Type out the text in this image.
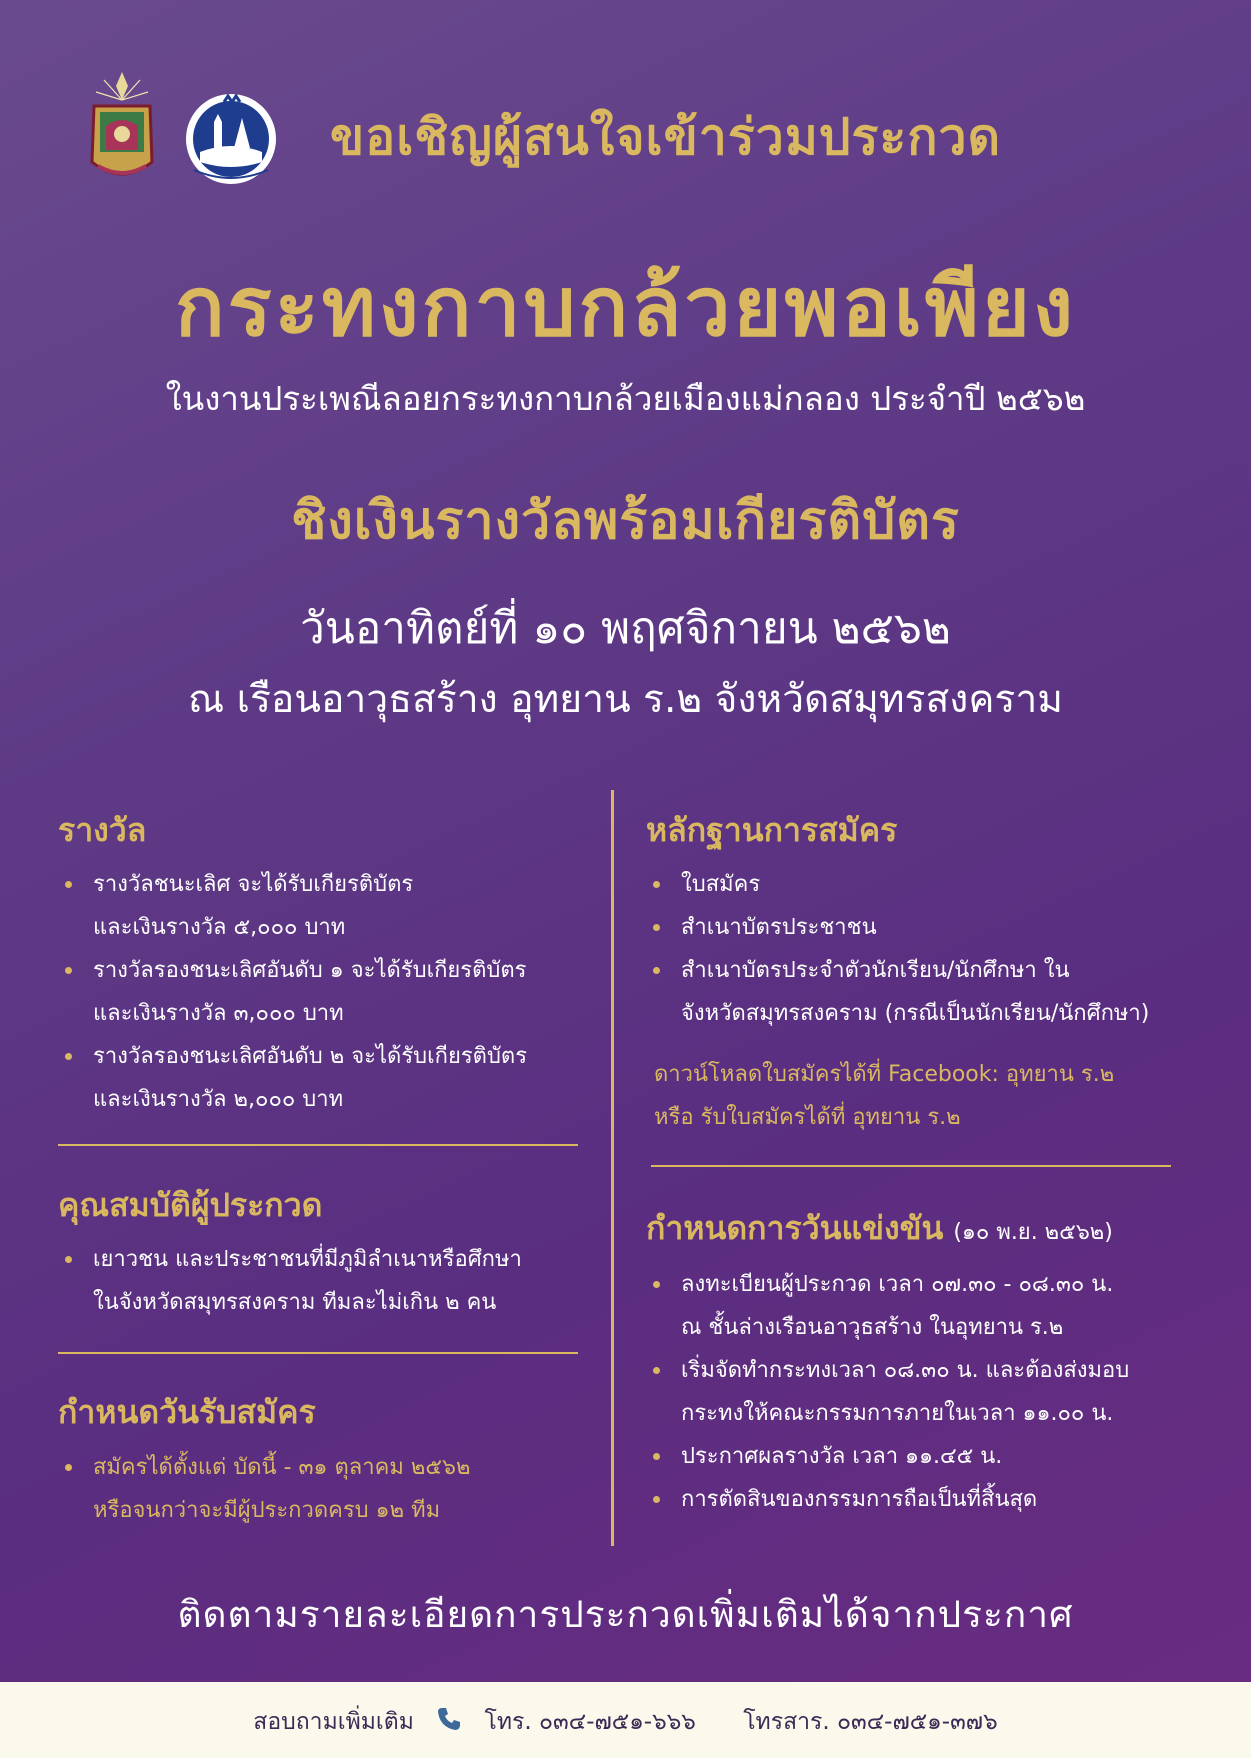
ขอเชิญผู้สนใจเข้าร่วมประกวด
กระทงกาบกล้วยพอเพียง
ในงานประเพณีลอยกระทงกาบกล้วยเมืองแม่กลอง ประจำปี ๒๕๖๒
ชิงเงินรางวัลพร้อมเกียรติบัตร
วันอาทิตย์ที่ ๑๐ พฤศจิกายน ๒๕๖๒
ณ เรือนอาวุธสร้าง อุทยาน ร.๒ จังหวัดสมุทรสงคราม
รางวัล
รางวัลชนะเลิศ จะได้รับเกียรติบัตร
และเงินรางวัล ๕,๐๐๐ บาท
รางวัลรองชนะเลิศอันดับ ๑ จะได้รับเกียรติบัตร
และเงินรางวัล ๓,๐๐๐ บาท
รางวัลรองชนะเลิศอันดับ ๒ จะได้รับเกียรติบัตร
และเงินรางวัล ๒,๐๐๐ บาท
คุณสมบัติผู้ประกวด
เยาวชน และประชาชนที่มีภูมิลำเนาหรือศึกษา
ในจังหวัดสมุทรสงคราม ทีมละไม่เกิน ๒ คน
กำหนดวันรับสมัคร
สมัครได้ตั้งแต่ บัดนี้ - ๓๑ ตุลาคม ๒๕๖๒
หรือจนกว่าจะมีผู้ประกวดครบ ๑๒ ทีม
หลักฐานการสมัคร
ใบสมัคร
สำเนาบัตรประชาชน
สำเนาบัตรประจำตัวนักเรียน/นักศึกษา ใน
จังหวัดสมุทรสงคราม (กรณีเป็นนักเรียน/นักศึกษา)
ดาวน์โหลดใบสมัครได้ที่ Facebook: อุทยาน ร.๒
หรือ รับใบสมัครได้ที่ อุทยาน ร.๒
กำหนดการวันแข่งขัน (๑๐ พ.ย. ๒๕๖๒)
ลงทะเบียนผู้ประกวด เวลา ๐๗.๓๐ - ๐๘.๓๐ น.
ณ ชั้นล่างเรือนอาวุธสร้าง ในอุทยาน ร.๒
เริ่มจัดทำกระทงเวลา ๐๘.๓๐ น. และต้องส่งมอบ
กระทงให้คณะกรรมการภายในเวลา ๑๑.๐๐ น.
ประกาศผลรางวัล เวลา ๑๑.๔๕ น.
การตัดสินของกรรมการถือเป็นที่สิ้นสุด
ติดตามรายละเอียดการประกวดเพิ่มเติมได้จากประกาศ
สอบถามเพิ่มเติม	โทร. ๐๓๔-๗๕๑-๖๖๖ โทรสาร. ๐๓๔-๗๕๑-๓๗๖
